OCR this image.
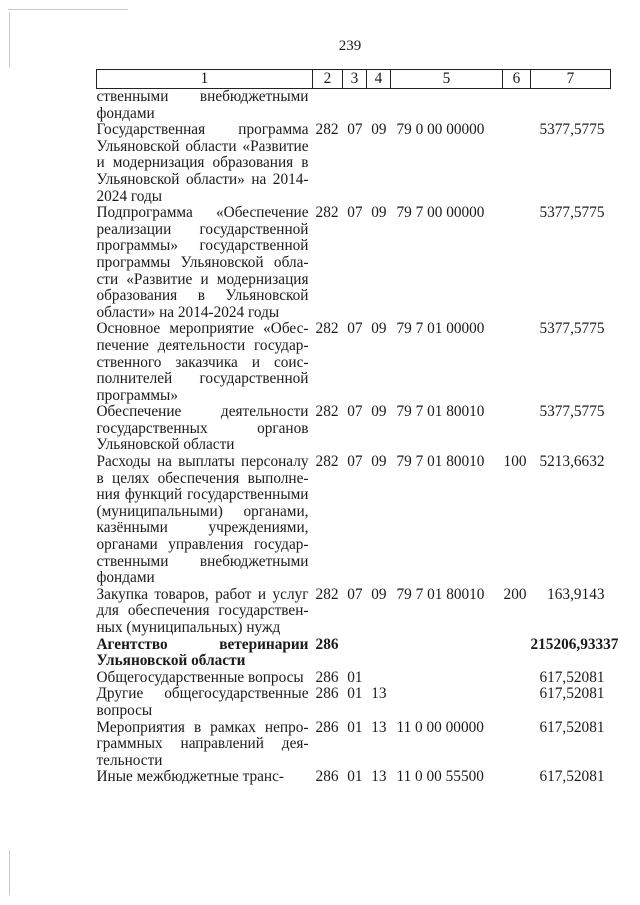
239
1	2	3	4	5	6	7
ственными внебюджетными фондами						
Государственная программа Ульяновской области «Развитие и модернизация образования в Ульяновской области» на 2014-2024 годы	282	07	09	79 0 00 00000		5377,5775
Подпрограмма «Обеспечение реализации государственной программы» государственной программы Ульяновской области «Развитие и модернизация образования в Ульяновской области» на 2014-2024 годы	282	07	09	79 7 00 00000		5377,5775
Основное мероприятие «Обеспечение деятельности государственного заказчика и соисполнителей государственной программы»	282	07	09	79 7 01 00000		5377,5775
Обеспечение деятельности государственных органов Ульяновской области	282	07	09	79 7 01 80010		5377,5775
Расходы на выплаты персоналу в целях обеспечения выполнения функций государственными (муниципальными) органами, казёнными учреждениями, органами управления государственными внебюджетными фондами	282	07	09	79 7 01 80010	100	5213,6632
Закупка товаров, работ и услуг для обеспечения государственных (муниципальных) нужд	282	07	09	79 7 01 80010	200	163,9143
Агентство ветеринарии Ульяновской области	286					215206,93337
Общегосударственные вопросы	286	01				617,52081
Другие общегосударственные вопросы	286	01	13			617,52081
Мероприятия в рамках непрограммных направлений деятельности	286	01	13	11 0 00 00000		617,52081
Иные межбюджетные транс-	286	01	13	11 0 00 55500		617,52081
